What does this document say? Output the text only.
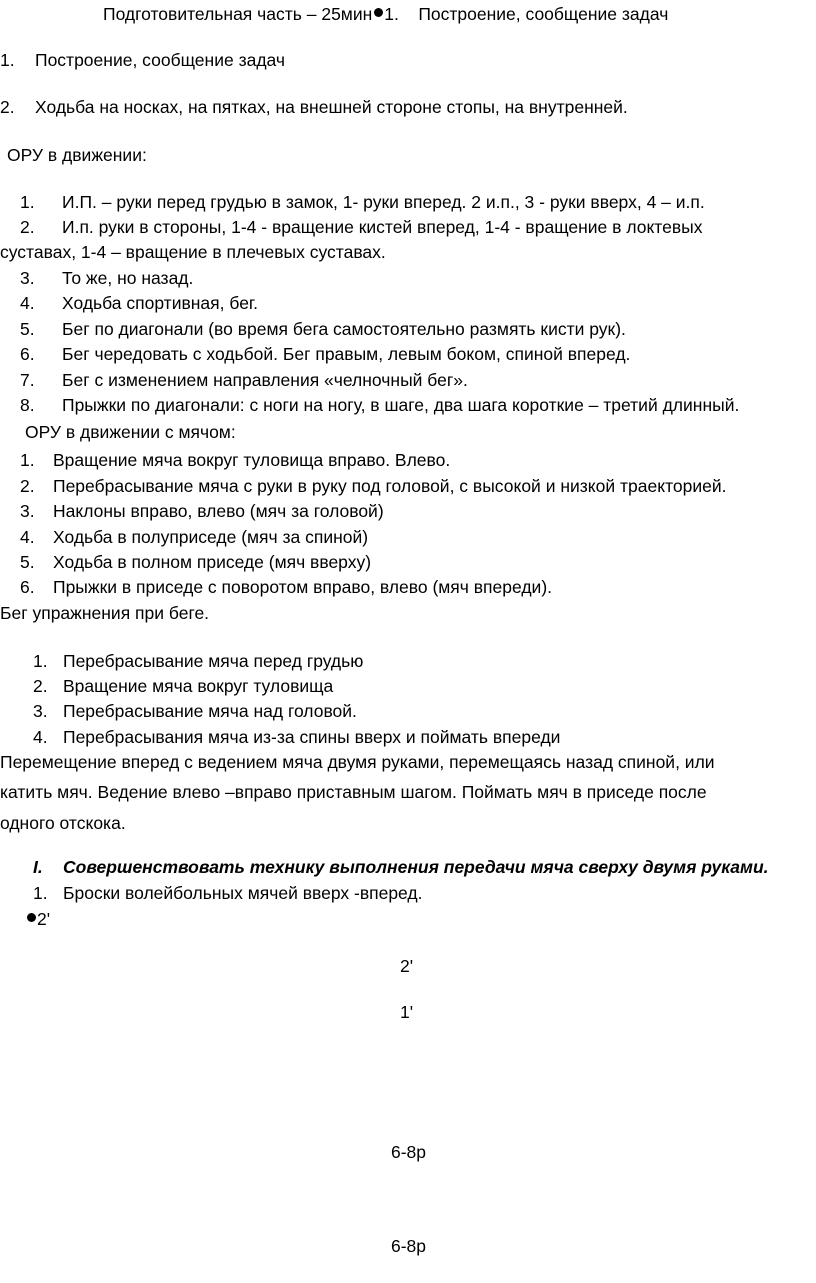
Подготовительная часть – 25мин 1.    Построение, сообщение задач
1. Построение, сообщение задач
2. Ходьба на носках, на пятках, на внешней стороне стопы, на внутренней.
ОРУ в движении:
1. И.П. – руки перед грудью в замок, 1- руки вперед. 2 и.п., 3 - руки вверх, 4 – и.п.
2. И.п. руки в стороны, 1-4 - вращение кистей вперед, 1-4 - вращение в локтевых
суставах, 1-4 – вращение в плечевых суставах.
3. То же, но назад.
4. Ходьба спортивная, бег.
5. Бег по диагонали (во время бега самостоятельно размять кисти рук).
6. Бег чередовать с ходьбой. Бег правым, левым боком, спиной вперед.
7. Бег с изменением направления «челночный бег».
8. Прыжки по диагонали: с ноги на ногу, в шаге, два шага короткие – третий длинный.
ОРУ в движении с мячом:
1. Вращение мяча вокруг туловища вправо. Влево.
2. Перебрасывание мяча с руки в руку под головой, с высокой и низкой траекторией.
3. Наклоны вправо, влево (мяч за головой)
4. Ходьба в полуприседе (мяч за спиной)
5. Ходьба в полном приседе (мяч вверху)
6. Прыжки в приседе с поворотом вправо, влево (мяч впереди).
Бег упражнения при беге.
1. Перебрасывание мяча перед грудью
2. Вращение мяча вокруг туловища
3. Перебрасывание мяча над головой.
4. Перебрасывания мяча из-за спины вверх и поймать впереди
Перемещение вперед с ведением мяча двумя руками, перемещаясь назад спиной, или
катить мяч. Ведение влево –вправо приставным шагом. Поймать мяч в приседе после
одного отскока.
I. Совершенствовать технику выполнения передачи мяча сверху двумя руками.
1. Броски волейбольных мячей вверх -вперед.
2'
2'
1'
6-8р
6-8р
